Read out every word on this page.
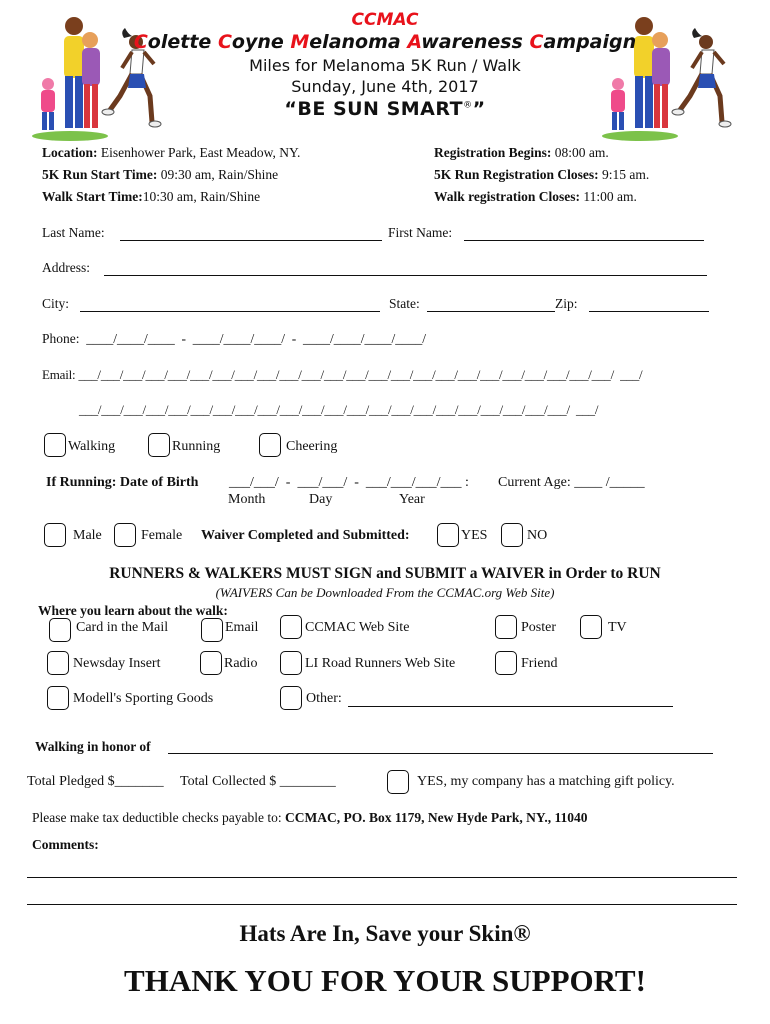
CCMAC
Colette Coyne Melanoma Awareness Campaign
Miles for Melanoma 5K Run / Walk
Sunday, June 4th, 2017
“BE SUN SMART®”
Location: Eisenhower Park, East Meadow, NY.
5K Run Start Time: 09:30 am, Rain/Shine
Walk Start Time:10:30 am, Rain/Shine
Registration Begins: 08:00 am.
5K Run Registration Closes: 9:15 am.
Walk registration Closes: 11:00 am.
Last Name:	First Name:
Address:
City:	State:	Zip:
Phone:  ____/____/____  -  ____/____/____/  -  ____/____/____/____/
Email: ___/___/___/___/___/___/___/___/___/___/___/___/___/___/___/___/___/___/___/___/___/___/___/___/  ___/
___/___/___/___/___/___/___/___/___/___/___/___/___/___/___/___/___/___/___/___/___/___/  ___/
Walking	Running	Cheering
If Running: Date of Birth ___/___/  -  ___/___/  -  ___/___/___/___ : Current Age: ____ /_____
Month	Day	Year
Male	Female Waiver Completed and Submitted:	YES	NO
RUNNERS & WALKERS MUST SIGN and SUBMIT a WAIVER in Order to RUN
(WAIVERS Can be Downloaded From the CCMAC.org Web Site)
Where you learn about the walk:
Card in the Mail	Email	CCMAC Web Site	Poster	TV
Newsday Insert	Radio	LI Road Runners Web Site	Friend
Modell's Sporting Goods	Other:
Walking in honor of
Total Pledged $_______ Total Collected $ ________	YES, my company has a matching gift policy.
Please make tax deductible checks payable to: CCMAC, PO. Box 1179, New Hyde Park, NY., 11040
Comments:
Hats Are In, Save your Skin®
THANK YOU FOR YOUR SUPPORT!
